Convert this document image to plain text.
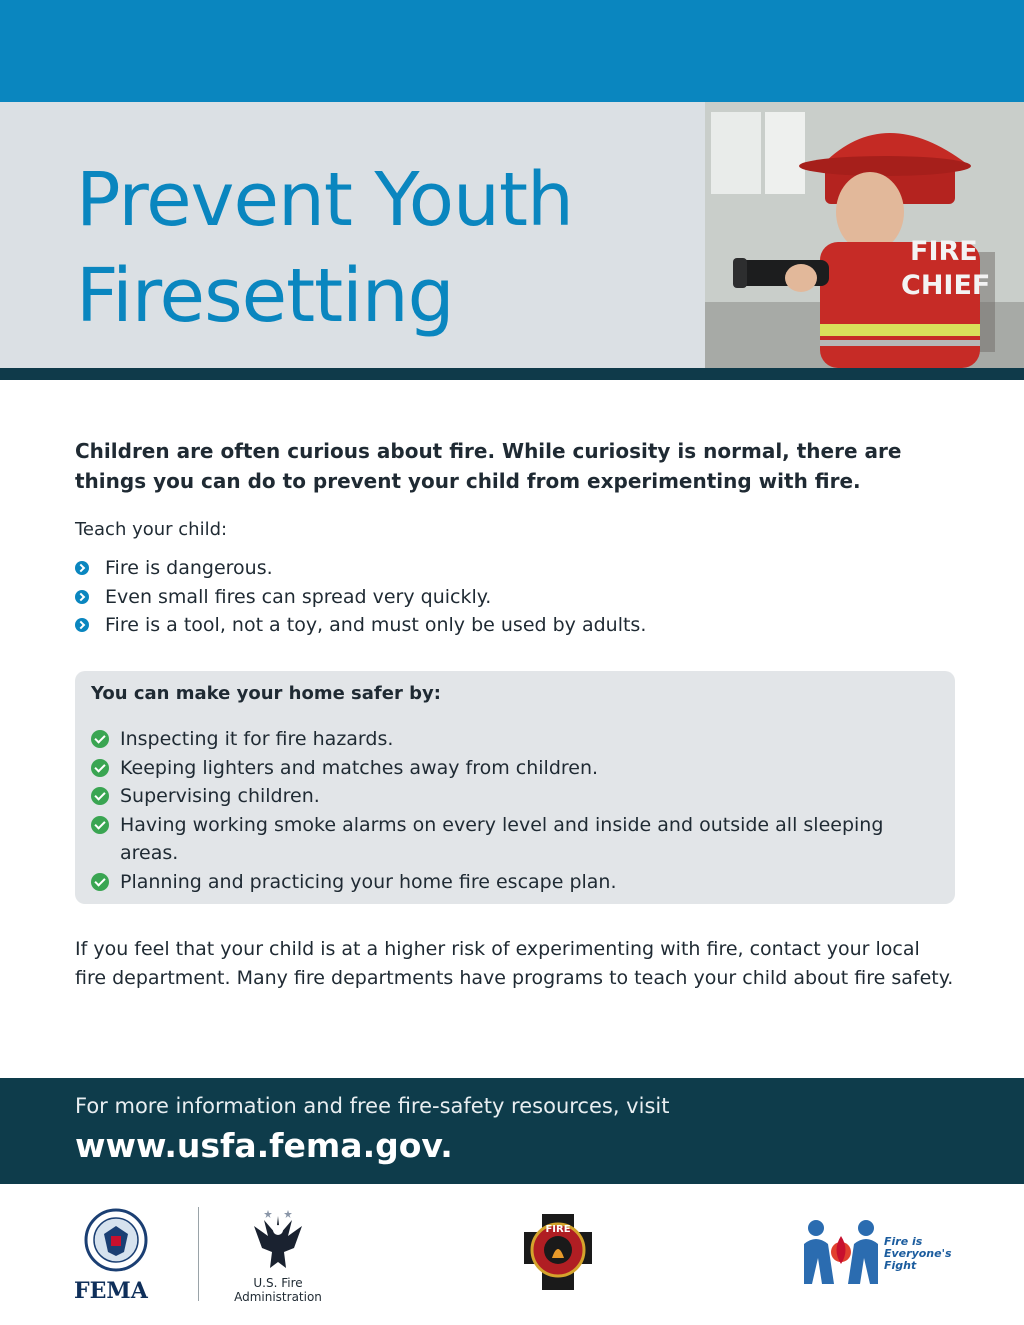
Prevent Youth
Firesetting
FIRE
CHIEF

Children are often curious about fire. While curiosity is normal, there are things you can do to prevent your child from experimenting with fire.

Teach your child:

Fire is dangerous.
Even small fires can spread very quickly.
Fire is a tool, not a toy, and must only be used by adults.

You can make your home safer by:

Inspecting it for fire hazards.
Keeping lighters and matches away from children.
Supervising children.
Having working smoke alarms on every level and inside and outside all sleeping areas.
Planning and practicing your home fire escape plan.

If you feel that your child is at a higher risk of experimenting with fire, contact your local fire department. Many fire departments have programs to teach your child about fire safety.

For more information and free fire-safety resources, visit

www.usfa.fema.gov.

FEMA	U.S. Fire
Administration
FIRE
Fire is
Everyone's
Fight
